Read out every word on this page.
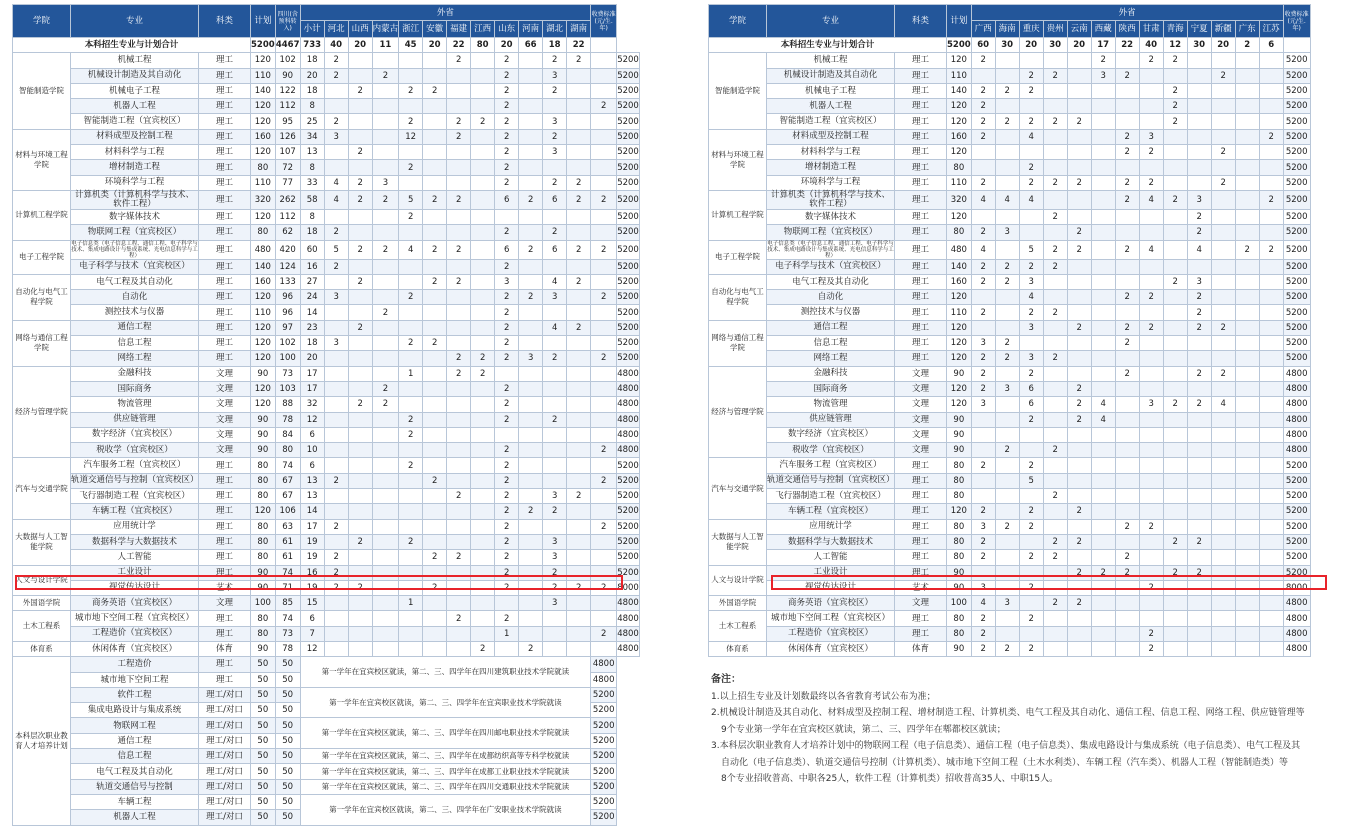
学院	专业	科类	计划	四川(含预科转入)	外省												收费标准(元/生.年)	
					小计	河北	山西	内蒙古	浙江	安徽	福建	江西	山东	河南	湖北	湖南		
本科招生专业与计划合计			5200	4467	733	40	20	11	45	20	22	80	20	66	18	22		
智能制造学院	机械工程	理工	120	102	18	2					2		2		2	2		5200
	机械设计制造及其自动化	理工	110	90	20	2		2					2		3			5200
	机械电子工程	理工	140	122	18		2		2	2			2		2			5200
	机器人工程	理工	120	112	8								2				2	5200
	智能制造工程（宜宾校区）	理工	120	95	25	2			2		2	2	2		3			5200
材料与环境工程学院	材料成型及控制工程	理工	160	126	34	3			12		2		2		2			5200
	材料科学与工程	理工	120	107	13		2						2		3			5200
	增材制造工程	理工	80	72	8				2				2					5200
	环境科学与工程	理工	110	77	33	4	2	3					2		2	2		5200
计算机工程学院	计算机类（计算机科学与技术、软件工程）	理工	320	262	58	4	2	2	5	2	2		6	2	6	2	2	5200
	数字媒体技术	理工	120	112	8				2									5200
	物联网工程（宜宾校区）	理工	80	62	18	2							2		2			5200
电子工程学院	电子信息类（电子信息工程、通信工程、电子科学与技术、集成电路设计与集成系统、光电信息科学与工程）	理工	480	420	60	5	2	2	4	2	2		6	2	6	2	2	5200
	电子科学与技术（宜宾校区）	理工	140	124	16	2							2					5200
自动化与电气工程学院	电气工程及其自动化	理工	160	133	27		2			2	2		3		4	2		5200
	自动化	理工	120	96	24	3			2				2	2	3		2	5200
	测控技术与仪器	理工	110	96	14			2					2					5200
网络与通信工程学院	通信工程	理工	120	97	23		2						2		4	2		5200
	信息工程	理工	120	102	18	3			2	2			2					5200
	网络工程	理工	120	100	20						2	2	2	3	2		2	5200
经济与管理学院	金融科技	文理	90	73	17				1		2	2						4800
	国际商务	文理	120	103	17			2					2					4800
	物流管理	文理	120	88	32		2	2					2					4800
	供应链管理	文理	90	78	12				2				2		2			4800
	数字经济（宜宾校区）	文理	90	84	6				2									4800
	税收学（宜宾校区）	文理	90	80	10								2				2	4800
汽车与交通学院	汽车服务工程（宜宾校区）	理工	80	74	6				2				2					5200
	轨道交通信号与控制（宜宾校区）	理工	80	67	13	2				2			2				2	5200
	飞行器制造工程（宜宾校区）	理工	80	67	13						2		2		3	2		5200
	车辆工程（宜宾校区）	理工	120	106	14								2	2	2			5200
大数据与人工智能学院	应用统计学	理工	80	63	17	2							2				2	5200
	数据科学与大数据技术	理工	80	61	19		2		2				2		3			5200
	人工智能	理工	80	61	19	2				2	2		2		3			5200
人文与设计学院	工业设计	理工	90	74	16	2							2		2			5200
	视觉传达设计	艺术	90	71	19	2	2			2			2		2	2	2	8000
外国语学院	商务英语（宜宾校区）	文理	100	85	15				1						3			4800
土木工程系	城市地下空间工程（宜宾校区）	理工	80	74	6						2		2					4800
	工程造价（宜宾校区）	理工	80	73	7								1				2	4800
体育系	休闲体育（宜宾校区）	体育	90	78	12							2		2				4800
本科层次职业教育人才培养计划	工程造价	理工	50	50	第一学年在宜宾校区就读，第二、三、四学年在四川建筑职业技术学院就读												4800	
	城市地下空间工程	理工	50	50													4800	
	软件工程	理工/对口	50	50	第一学年在宜宾校区就读，第二、三、四学年在宜宾职业技术学院就读												5200	
	集成电路设计与集成系统	理工/对口	50	50													5200	
	物联网工程	理工/对口	50	50	第一学年在宜宾校区就读，第二、三、四学年在四川邮电职业技术学院就读												5200	
	通信工程	理工/对口	50	50													5200	
	信息工程	理工/对口	50	50	第一学年在宜宾校区就读，第二、三、四学年在成都纺织高等专科学校就读												5200	
	电气工程及其自动化	理工/对口	50	50	第一学年在宜宾校区就读，第二、三、四学年在成都工业职业技术学院就读												5200	
	轨道交通信号与控制	理工/对口	50	50	第一学年在宜宾校区就读，第二、三、四学年在四川交通职业技术学院就读												5200	
	车辆工程	理工/对口	50	50	第一学年在宜宾校区就读，第二、三、四学年在广安职业技术学院就读												5200	
	机器人工程	理工/对口	50	50													5200	
学院	专业	科类	计划	外省													收费标准(元/生.年)
				广西	海南	重庆	贵州	云南	西藏	陕西	甘肃	青海	宁夏	新疆	广东	江苏	
本科招生专业与计划合计			5200	60	30	20	30	20	17	22	40	12	30	20	2	6	
智能制造学院	机械工程	理工	120	2					2		2	2					5200
	机械设计制造及其自动化	理工	110			2	2		3	2				2			5200
	机械电子工程	理工	140	2	2	2						2					5200
	机器人工程	理工	120	2								2					5200
	智能制造工程（宜宾校区）	理工	120	2	2	2	2	2				2					5200
材料与环境工程学院	材料成型及控制工程	理工	160	2		4				2	3					2	5200
	材料科学与工程	理工	120							2	2			2			5200
	增材制造工程	理工	80			2											5200
	环境科学与工程	理工	110	2		2	2	2		2	2			2			5200
计算机工程学院	计算机类（计算机科学与技术、软件工程）	理工	320	4	4	4				2	4	2	3			2	5200
	数字媒体技术	理工	120				2						2				5200
	物联网工程（宜宾校区）	理工	80	2	3			2					2				5200
电子工程学院	电子信息类（电子信息工程、通信工程、电子科学与技术、集成电路设计与集成系统、光电信息科学与工程）	理工	480	4		5	2	2		2	4		4		2	2	5200
	电子科学与技术（宜宾校区）	理工	140	2	2	2	2										5200
自动化与电气工程学院	电气工程及其自动化	理工	160	2	2	3						2	3				5200
	自动化	理工	120			4				2	2		2				5200
	测控技术与仪器	理工	110	2		2	2						2				5200
网络与通信工程学院	通信工程	理工	120			3		2		2	2		2	2			5200
	信息工程	理工	120	3	2					2							5200
	网络工程	理工	120	2	2	3	2										5200
经济与管理学院	金融科技	文理	90	2		2				2			2	2			4800
	国际商务	文理	120	2	3	6		2									4800
	物流管理	文理	120	3		6		2	4		3	2	2	4			4800
	供应链管理	文理	90			2		2	4								4800
	数字经济（宜宾校区）	文理	90														4800
	税收学（宜宾校区）	文理	90		2		2										4800
汽车与交通学院	汽车服务工程（宜宾校区）	理工	80	2		2											5200
	轨道交通信号与控制（宜宾校区）	理工	80			5											5200
	飞行器制造工程（宜宾校区）	理工	80				2										5200
	车辆工程（宜宾校区）	理工	120	2		2		2									5200
大数据与人工智能学院	应用统计学	理工	80	3	2	2				2	2						5200
	数据科学与大数据技术	理工	80	2			2	2				2	2				5200
	人工智能	理工	80	2		2	2			2							5200
人文与设计学院	工业设计	理工	90					2	2	2		2	2				5200
	视觉传达设计	艺术	90	3		2					2						8000
外国语学院	商务英语（宜宾校区）	文理	100	4	3		2	2									4800
土木工程系	城市地下空间工程（宜宾校区）	理工	80	2		2											4800
	工程造价（宜宾校区）	理工	80	2							2						4800
体育系	休闲体育（宜宾校区）	体育	90	2	2	2					2						4800
备注：
1.以上招生专业及计划数最终以各省教育考试公布为准；
2.机械设计制造及其自动化、材料成型及控制工程、增材制造工程、计算机类、电气工程及其自动化、通信工程、信息工程、网络工程、供应链管理等
9个专业第一学年在宜宾校区就读，第二、三、四学年在郫都校区就读；
3.本科层次职业教育人才培养计划中的物联网工程（电子信息类）、通信工程（电子信息类）、集成电路设计与集成系统（电子信息类）、电气工程及其
自动化（电子信息类）、轨道交通信号控制（计算机类）、城市地下空间工程（土木水利类）、车辆工程（汽车类）、机器人工程（智能制造类）等
8个专业招收普高、中职各25人，软件工程（计算机类）招收普高35人、中职15人。
